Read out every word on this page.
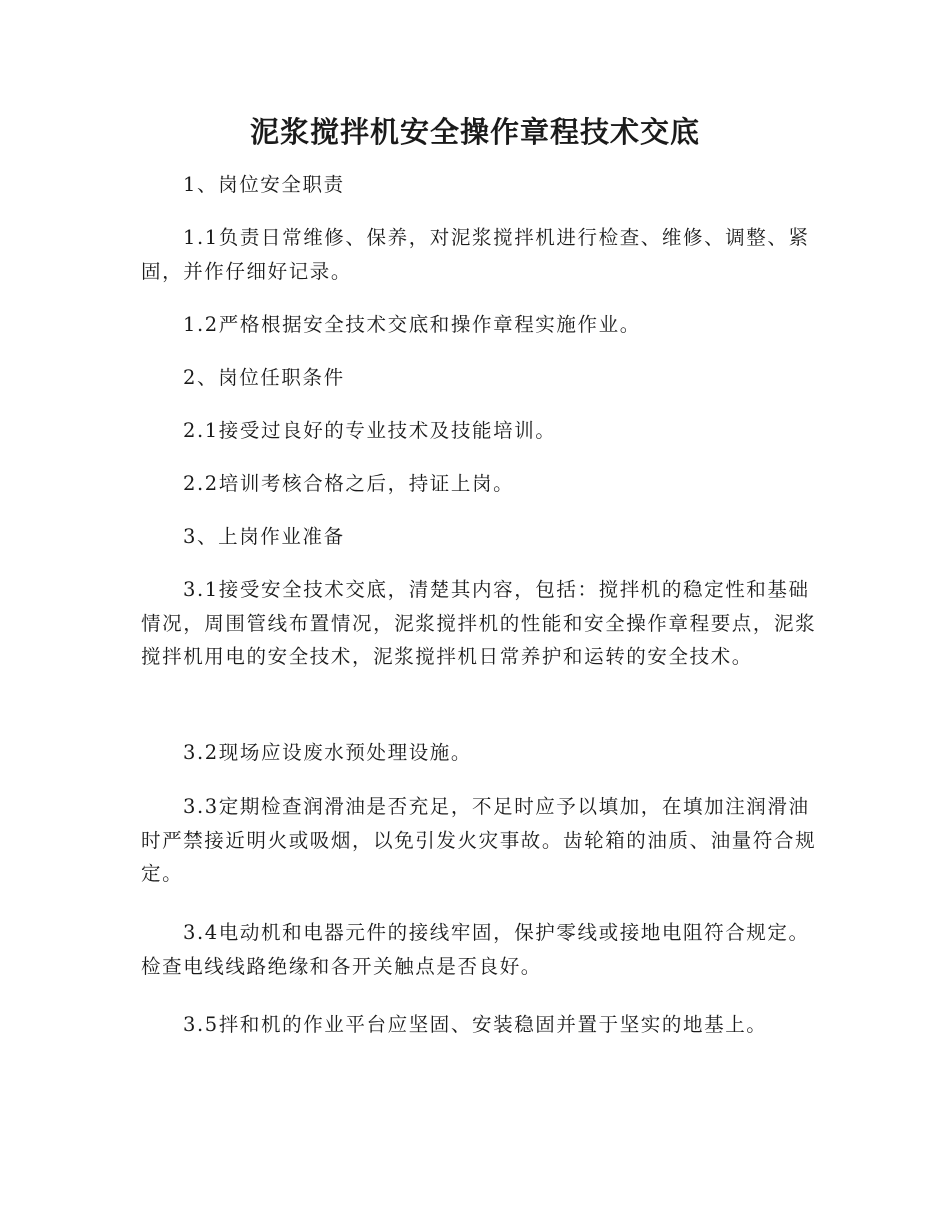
泥浆搅拌机安全操作章程技术交底

1、岗位安全职责

1.1负责日常维修、保养，对泥浆搅拌机进行检查、维修、调整、紧固，并作仔细好记录。

1.2严格根据安全技术交底和操作章程实施作业。

2、岗位任职条件

2.1接受过良好的专业技术及技能培训。

2.2培训考核合格之后，持证上岗。

3、上岗作业准备

3.1接受安全技术交底，清楚其内容，包括：搅拌机的稳定性和基础情况，周围管线布置情况，泥浆搅拌机的性能和安全操作章程要点，泥浆搅拌机用电的安全技术，泥浆搅拌机日常养护和运转的安全技术。

3.2现场应设废水预处理设施。

3.3定期检查润滑油是否充足，不足时应予以填加，在填加注润滑油时严禁接近明火或吸烟，以免引发火灾事故。齿轮箱的油质、油量符合规定。

3.4电动机和电器元件的接线牢固，保护零线或接地电阻符合规定。检查电线线路绝缘和各开关触点是否良好。

3.5拌和机的作业平台应坚固、安装稳固并置于坚实的地基上。
